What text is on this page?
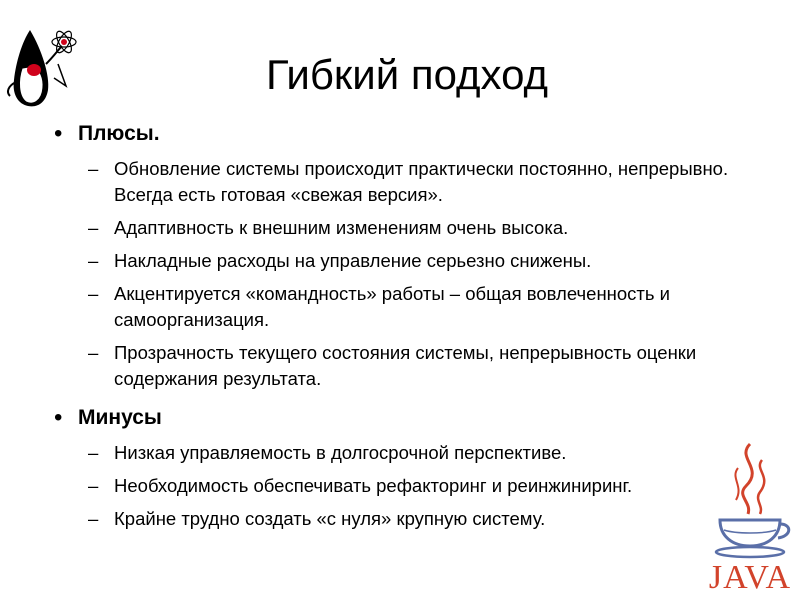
Гибкий подход
• Плюсы.
– Обновление системы происходит практически постоянно, непрерывно. Всегда есть готовая «свежая версия».
– Адаптивность к внешним изменениям очень высока.
– Накладные расходы на управление серьезно снижены.
– Акцентируется «командность» работы – общая вовлеченность и самоорганизация.
– Прозрачность текущего состояния системы, непрерывность оценки содержания результата.
• Минусы
– Низкая управляемость в долгосрочной перспективе.
– Необходимость обеспечивать рефакторинг и реинжиниринг.
– Крайне трудно создать «с нуля» крупную систему.
JAVA
